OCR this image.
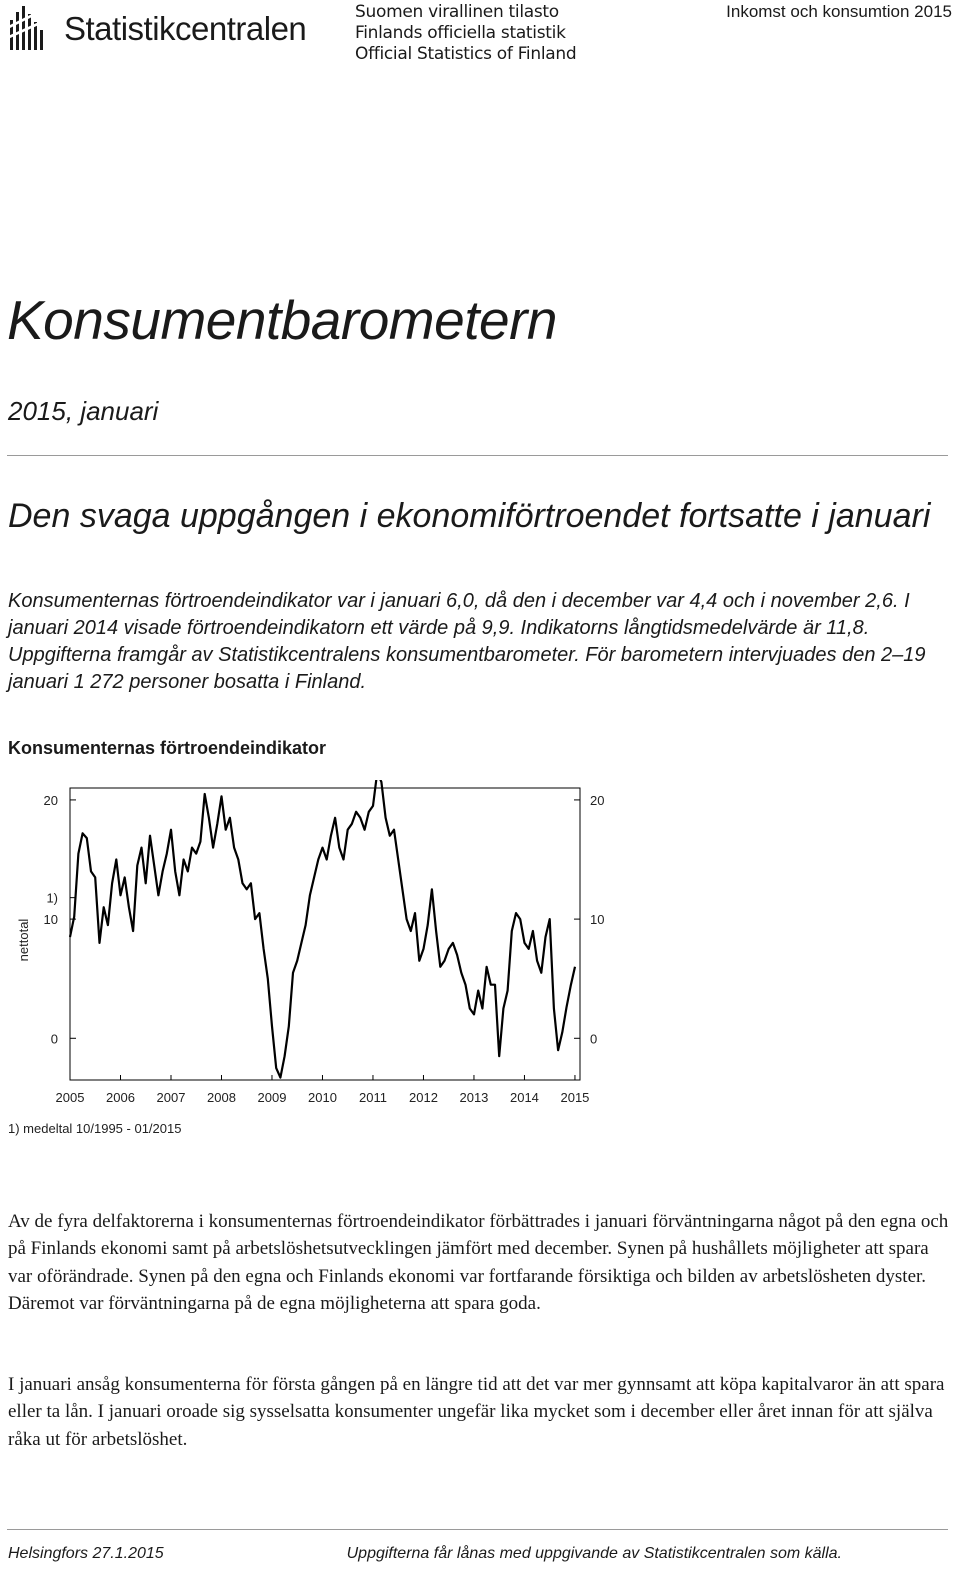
Statistikcentralen	Suomen virallinen tilasto
Finlands officiella statistik
Official Statistics of Finland
Inkomst och konsumtion 2015
Konsumentbarometern
2015, januari
Den svaga uppgången i ekonomiförtroendet fortsatte i januari
Konsumenternas förtroendeindikator var i januari 6,0, då den i december var 4,4 och i november 2,6. I januari 2014 visade förtroendeindikatorn ett värde på 9,9. Indikatorns långtidsmedelvärde är 11,8. Uppgifterna framgår av Statistikcentralens konsumentbarometer. För barometern intervjuades den 2–19 januari 1 272 personer bosatta i Finland.
Konsumenternas förtroendeindikator
0	0
10	10
20	20
1)
2005 2006 2007 2008 2009 2010 2011 2012 2013 2014 2015
nettotal
1) medeltal 10/1995 - 01/2015
Av de fyra delfaktorerna i konsumenternas förtroendeindikator förbättrades i januari förväntningarna något på den egna och på Finlands ekonomi samt på arbetslöshetsutvecklingen jämfört med december. Synen på hushållets möjligheter att spara var oförändrade. Synen på den egna och Finlands ekonomi var fortfarande försiktiga och bilden av arbetslösheten dyster. Däremot var förväntningarna på de egna möjligheterna att spara goda.
I januari ansåg konsumenterna för första gången på en längre tid att det var mer gynnsamt att köpa kapitalvaror än att spara eller ta lån. I januari oroade sig sysselsatta konsumenter ungefär lika mycket som i december eller året innan för att själva råka ut för arbetslöshet.
Helsingfors 27.1.2015	Uppgifterna får lånas med uppgivande av Statistikcentralen som källa.
